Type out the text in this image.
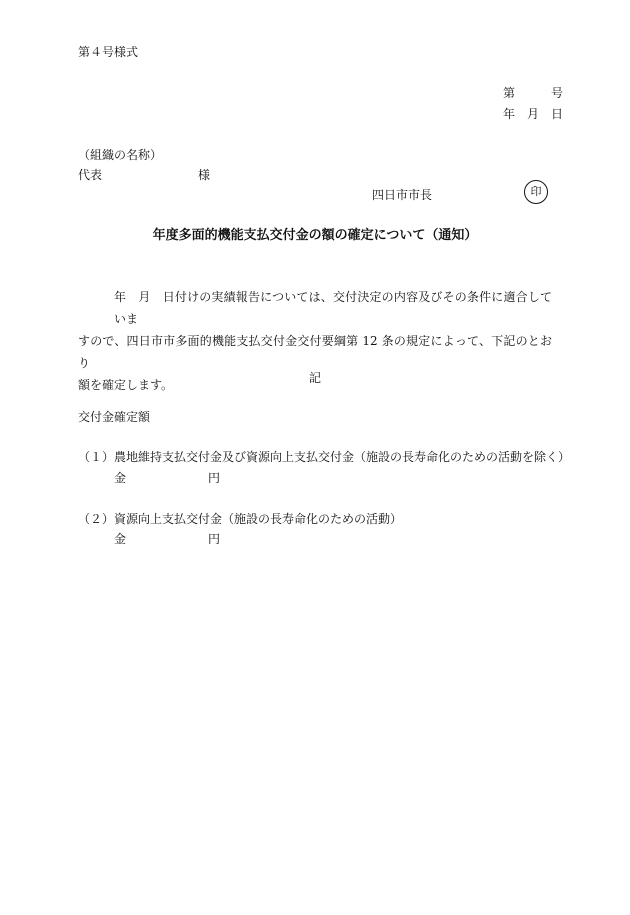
第４号様式
第　　　号
年　月　日
（組織の名称）
代表　　　　　　　　様
四日市市長	印
年度多面的機能支払交付金の額の確定について（通知）
年　月　日付けの実績報告については、交付決定の内容及びその条件に適合していま
すので、四日市市多面的機能支払交付金交付要綱第 12 条の規定によって、下記のとおり
額を確定します。	記
交付金確定額
（１）農地維持支払交付金及び資源向上支払交付金（施設の長寿命化のための活動を除く）
金	円
（２）資源向上支払交付金（施設の長寿命化のための活動）
金	円
